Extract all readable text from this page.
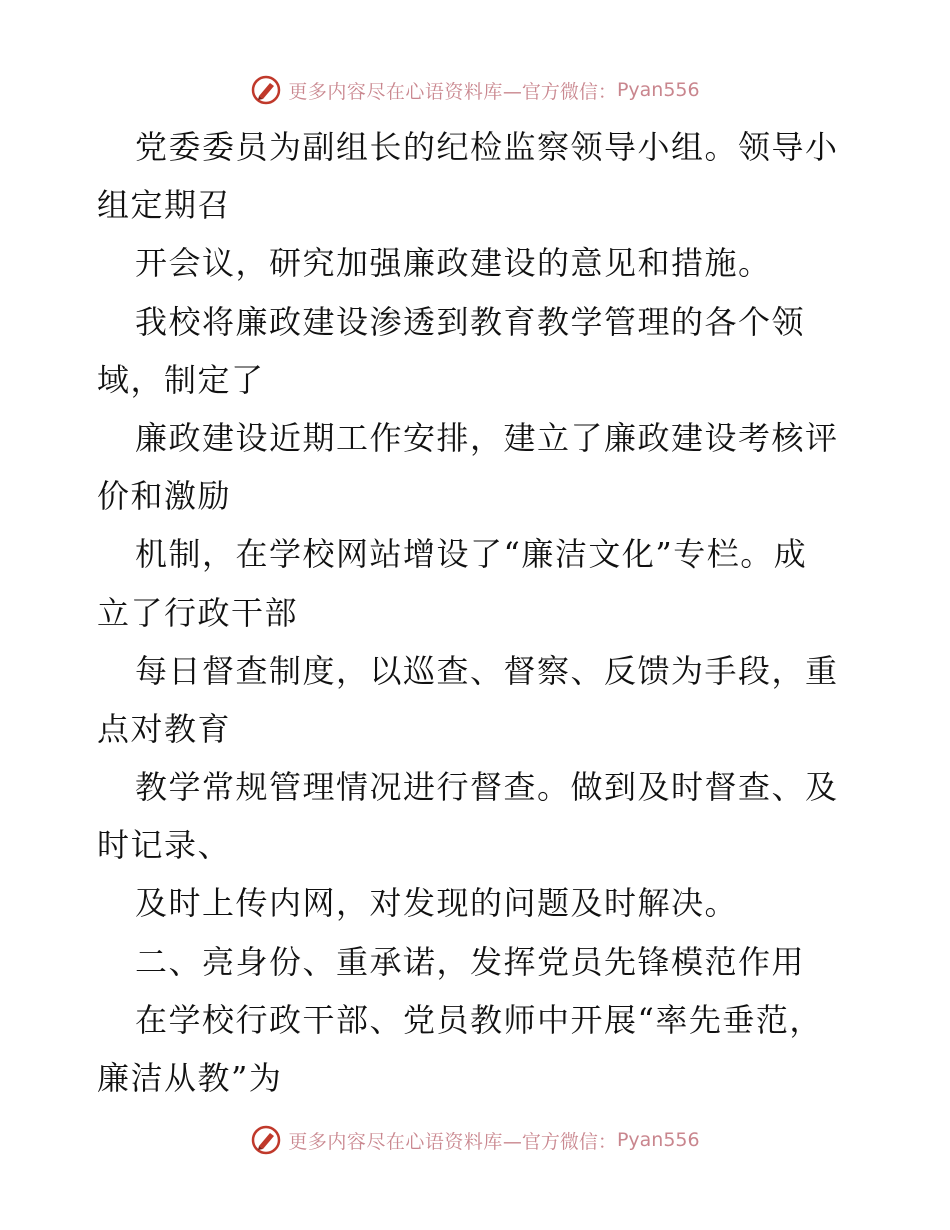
更多内容尽在心语资料库 —官方微信： Pyan556
党委委员为副组长的纪检监察领导小组。领导小
组定期召
开会议，研究加强廉政建设的意见和措施。
我校将廉政建设渗透到教育教学管理的各个领
域，制定了
廉政建设近期工作安排，建立了廉政建设考核评
价和激励
机制，在学校网站增设了“廉洁文化”专栏。成
立了行政干部
每日督查制度，以巡查、督察、反馈为手段，重
点对教育
教学常规管理情况进行督查。做到及时督查、及
时记录、
及时上传内网，对发现的问题及时解决。
二、亮身份、重承诺，发挥党员先锋模范作用
在学校行政干部、党员教师中开展“率先垂范，
廉洁从教”为
更多内容尽在心语资料库 —官方微信： Pyan556
